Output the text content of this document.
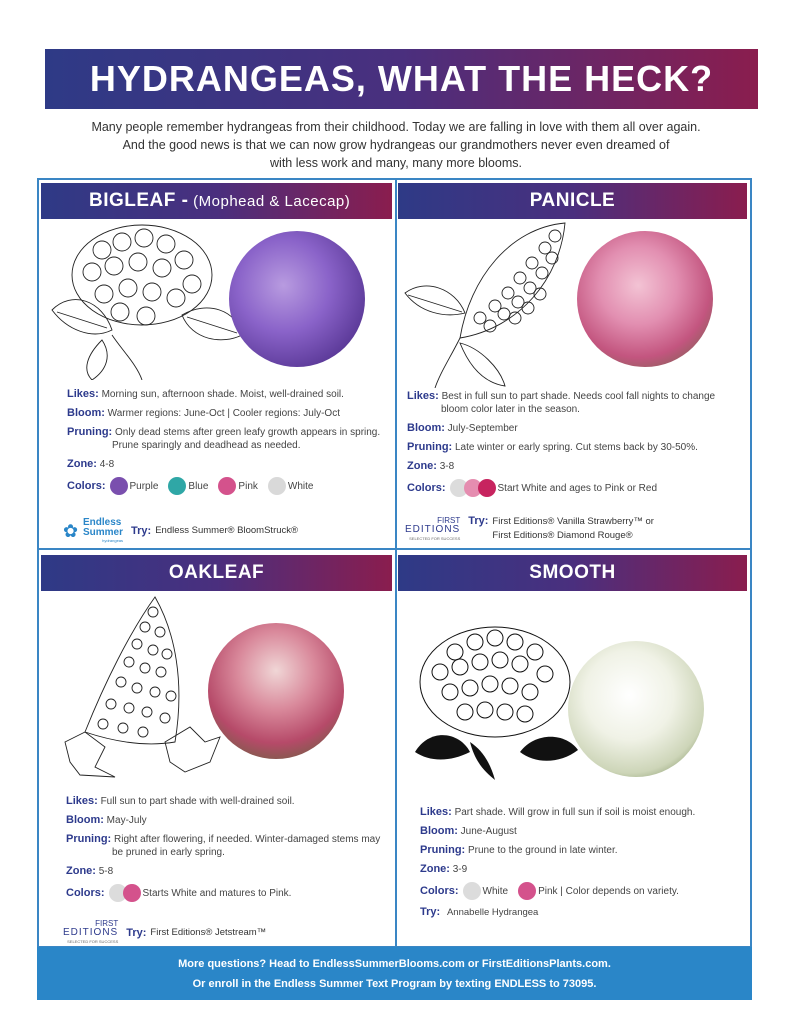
HYDRANGEAS, WHAT THE HECK?
Many people remember hydrangeas from their childhood. Today we are falling in love with them all over again.
And the good news is that we can now grow hydrangeas our grandmothers never even dreamed of
with less work and many, many more blooms.
BIGLEAF - (Mophead & Lacecap)
Likes: Morning sun, afternoon shade. Moist, well-drained soil.
Bloom: Warmer regions: June-Oct | Cooler regions: July-Oct
Pruning: Only dead stems after green leafy growth appears in spring. Prune sparingly and deadhead as needed.
Zone: 4-8
Colors: Purple	Blue	Pink	White
✿ Endless
Summer
hydrangeas
Try: Endless Summer® BloomStruck®
PANICLE
Likes: Best in full sun to part shade. Needs cool fall nights to change bloom color later in the season.
Bloom: July-September
Pruning: Late winter or early spring. Cut stems back by 30-50%.
Zone: 3-8
Colors:	Start White and ages to Pink or Red
FIRST
EDITIONS
SELECTED FOR SUCCESS
Try: First Editions® Vanilla Strawberry™ or
First Editions® Diamond Rouge®
OAKLEAF
Likes: Full sun to part shade with well-drained soil.
Bloom: May-July
Pruning: Right after flowering, if needed. Winter-damaged stems may be pruned in early spring.
Zone: 5-8
Colors:	Starts White and matures to Pink.
FIRST
EDITIONS
SELECTED FOR SUCCESS
Try: First Editions® Jetstream™
SMOOTH
Likes: Part shade. Will grow in full sun if soil is moist enough.
Bloom: June-August
Pruning: Prune to the ground in late winter.
Zone: 3-9
Colors: White	Pink | Color depends on variety.
Try: Annabelle Hydrangea
More questions? Head to EndlessSummerBlooms.com or FirstEditionsPlants.com.
Or enroll in the Endless Summer Text Program by texting ENDLESS to 73095.
